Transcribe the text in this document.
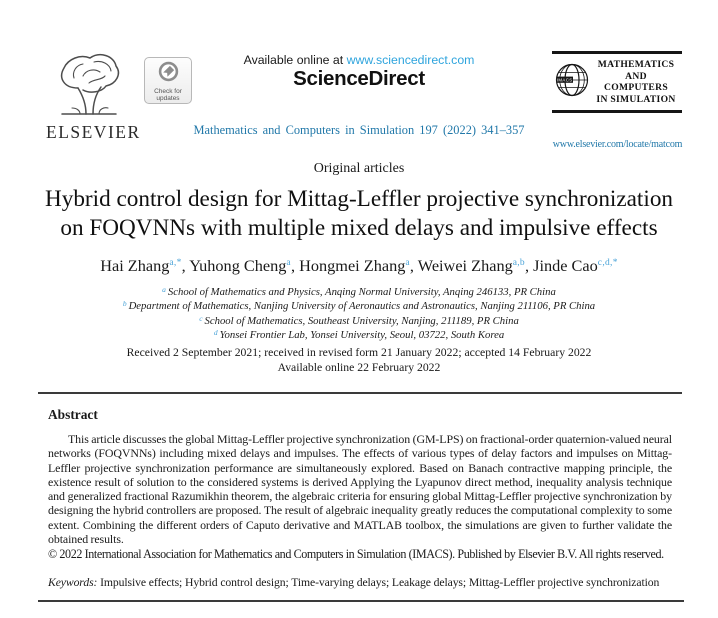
ELSEVIER
Check for
updates
Available online at www.sciencedirect.com
ScienceDirect
Mathematics and Computers in Simulation 197 (2022) 341–357
IMACS
MATHEMATICS
AND
COMPUTERS
IN SIMULATION
www.elsevier.com/locate/matcom
Original articles
Hybrid control design for Mittag-Leffler projective synchronization
on FOQVNNs with multiple mixed delays and impulsive effects
Hai Zhang$^{a,*}$, Yuhong Cheng$^a$, Hongmei Zhang$^a$, Weiwei Zhang$^{a,b}$, Jinde Cao$^{c,d,*}$
$^a$ School of Mathematics and Physics, Anqing Normal University, Anqing 246133, PR China
$^b$ Department of Mathematics, Nanjing University of Aeronautics and Astronautics, Nanjing 211106, PR China
$^c$ School of Mathematics, Southeast University, Nanjing, 211189, PR China
$^d$ Yonsei Frontier Lab, Yonsei University, Seoul, 03722, South Korea
Received 2 September 2021; received in revised form 21 January 2022; accepted 14 February 2022
Available online 22 February 2022
Abstract
This article discusses the global Mittag-Leffler projective synchronization (GM-LPS) on fractional-order quaternion-valued neural networks (FOQVNNs) including mixed delays and impulses. The effects of various types of delay factors and impulses on Mittag-Leffler projective synchronization performance are simultaneously explored. Based on Banach contractive mapping principle, the existence result of solution to the considered systems is derived Applying the Lyapunov direct method, inequality analysis technique and generalized fractional Razumikhin theorem, the algebraic criteria for ensuring global Mittag-Leffler projective synchronization by designing the hybrid controllers are proposed. The result of algebraic inequality greatly reduces the computational complexity to some extent. Combining the different orders of Caputo derivative and MATLAB toolbox, the simulations are given to further validate the obtained results.
© 2022 International Association for Mathematics and Computers in Simulation (IMACS). Published by Elsevier B.V. All rights reserved.
Keywords: Impulsive effects; Hybrid control design; Time-varying delays; Leakage delays; Mittag-Leffler projective synchronization
